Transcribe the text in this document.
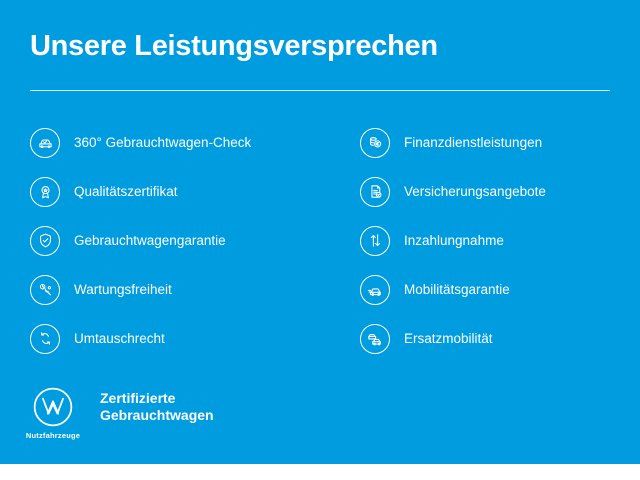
Unsere Leistungsversprechen
360° Gebrauchtwagen-Check
Qualitätszertifikat
Gebrauchtwagengarantie
Wartungsfreiheit
Umtauschrecht
Finanzdienstleistungen
Versicherungsangebote
Inzahlungnahme
Mobilitätsgarantie
Ersatzmobilität
Nutzfahrzeuge
Zertifizierte
Gebrauchtwagen
